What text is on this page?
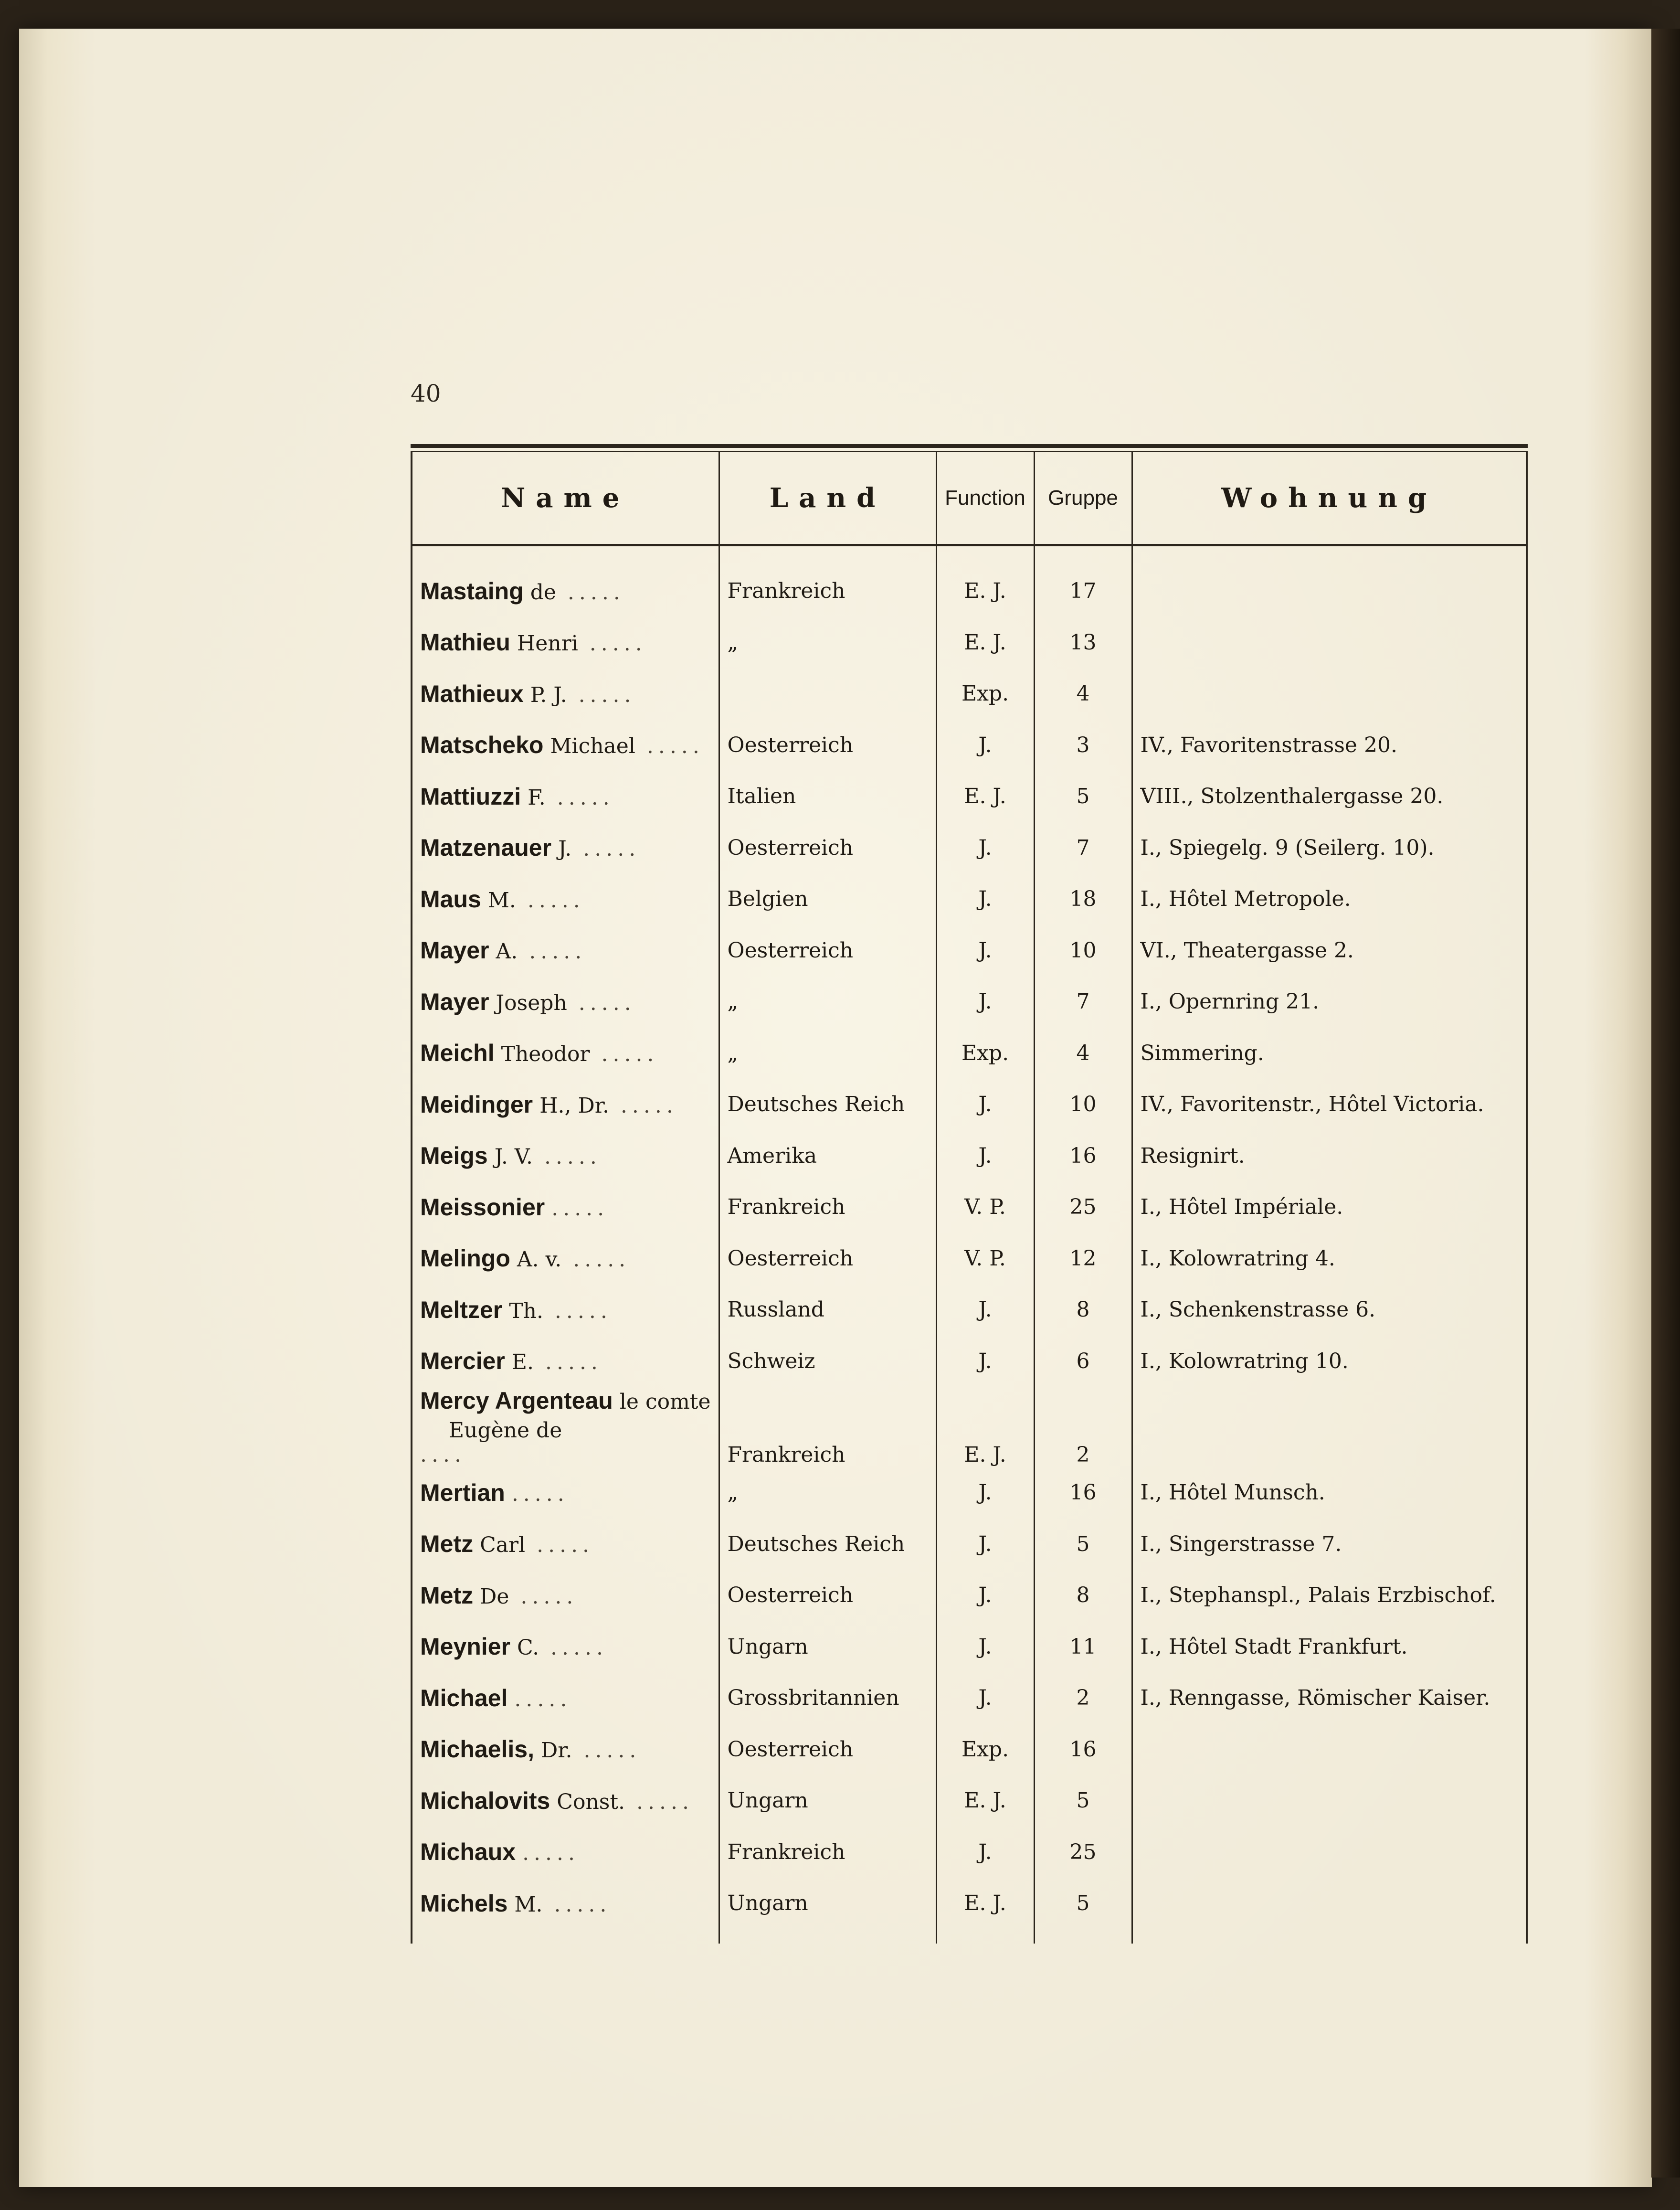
40
Name	Land	Function	Gruppe	Wohnung

Mastaing de .....	Frankreich	E. J.	17	
Mathieu Henri .....	„	E. J.	13	
Mathieux P. J. .....		Exp.	4	
Matscheko Michael .....	Oesterreich	J.	3	IV., Favoritenstrasse 20.
Mattiuzzi F. .....	Italien	E. J.	5	VIII., Stolzenthalergasse 20.
Matzenauer J. .....	Oesterreich	J.	7	I., Spiegelg. 9 (Seilerg. 10).
Maus M. .....	Belgien	J.	18	I., Hôtel Metropole.
Mayer A. .....	Oesterreich	J.	10	VI., Theatergasse 2.
Mayer Joseph .....	„	J.	7	I., Opernring 21.
Meichl Theodor .....	„	Exp.	4	Simmering.
Meidinger H., Dr. .....	Deutsches Reich	J.	10	IV., Favoritenstr., Hôtel Victoria.
Meigs J. V. .....	Amerika	J.	16	Resignirt.
Meissonier .....	Frankreich	V. P.	25	I., Hôtel Impériale.
Melingo A. v. .....	Oesterreich	V. P.	12	I., Kolowratring 4.
Meltzer Th. .....	Russland	J.	8	I., Schenkenstrasse 6.
Mercier E. .....	Schweiz	J.	6	I., Kolowratring 10.
Mercy Argenteau le comte
Eugène de
....	Frankreich	E. J.	2	
Mertian .....	„	J.	16	I., Hôtel Munsch.
Metz Carl .....	Deutsches Reich	J.	5	I., Singerstrasse 7.
Metz De .....	Oesterreich	J.	8	I., Stephanspl., Palais Erzbischof.
Meynier C. .....	Ungarn	J.	11	I., Hôtel Stadt Frankfurt.
Michael .....	Grossbritannien	J.	2	I., Renngasse, Römischer Kaiser.
Michaelis, Dr. .....	Oesterreich	Exp.	16	
Michalovits Const. .....	Ungarn	E. J.	5	
Michaux .....	Frankreich	J.	25	
Michels M. .....	Ungarn	E. J.	5	
